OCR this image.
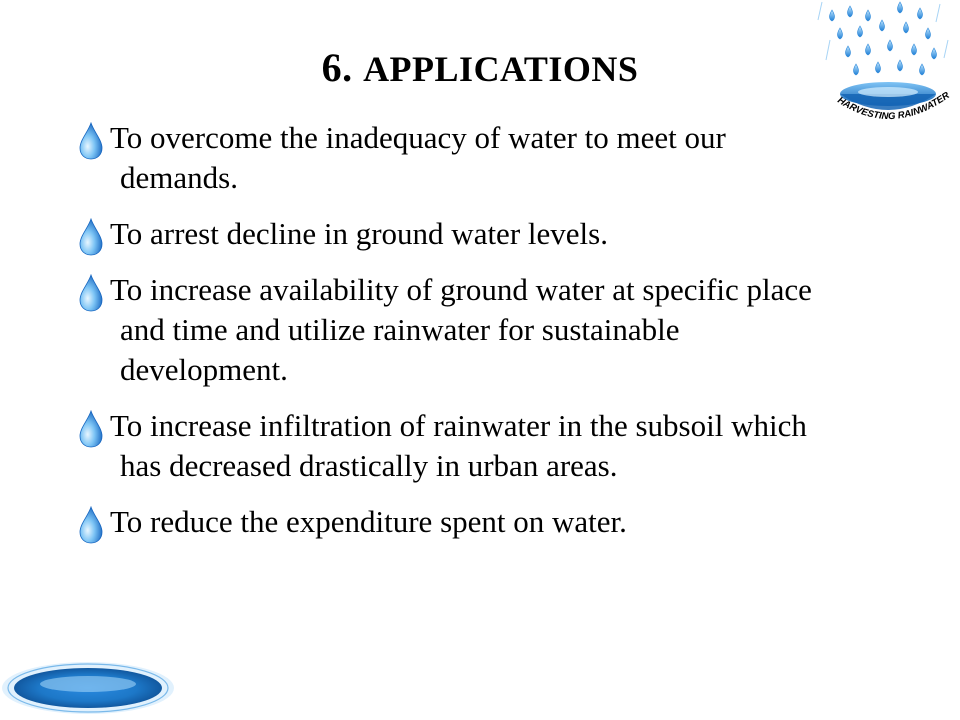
6. APPLICATIONS
HARVESTING RAINWATER
To overcome the inadequacy of water to meet our
demands.
To arrest decline in ground water levels.
To increase availability of ground water at specific place
and time and utilize rainwater for sustainable
development.
To increase infiltration of rainwater in the subsoil which
has decreased drastically in urban areas.
To reduce the expenditure spent on water.
